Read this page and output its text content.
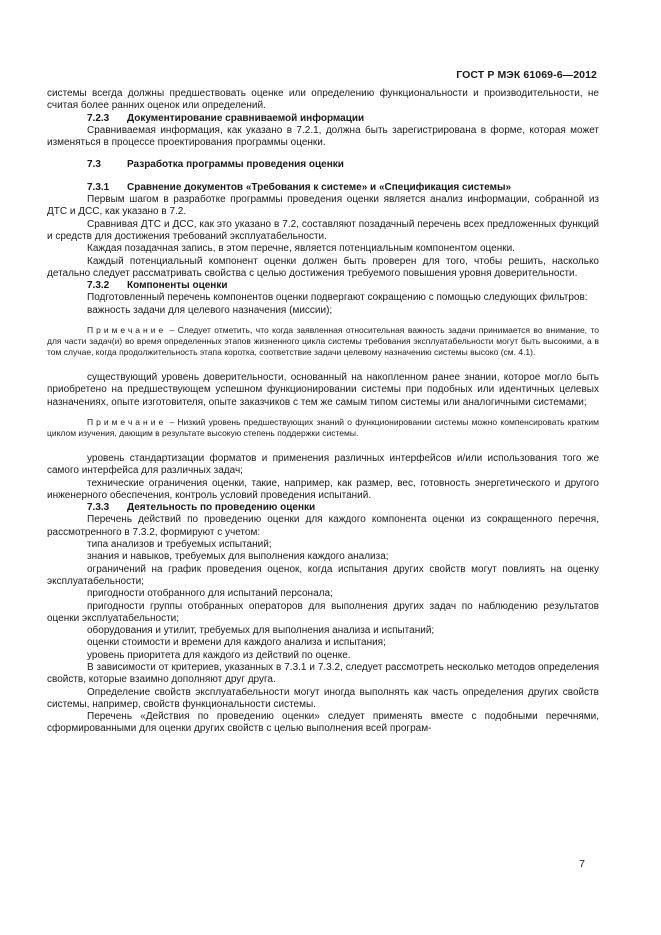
ГОСТ Р МЭК 61069-6—2012

системы всегда должны предшествовать оценке или определению функциональности и производительности, не считая более ранних оценок или определений.

7.2.3 Документирование сравниваемой информации

Сравниваемая информация, как указано в 7.2.1, должна быть зарегистрирована в форме, которая может изменяться в процессе проектирования программы оценки.

7.3	Разработка программы проведения оценки

7.3.1 Сравнение документов «Требования к системе» и «Спецификация системы»

Первым шагом в разработке программы проведения оценки является анализ информации, собранной из ДТС и ДСС, как указано в 7.2.

Сравнивая ДТС и ДСС, как это указано в 7.2, составляют позадачный перечень всех предложенных функций и средств для достижения требований эксплуатабельности.

Каждая позадачная запись, в этом перечне, является потенциальным компонентом оценки.

Каждый потенциальный компонент оценки должен быть проверен для того, чтобы решить, насколько детально следует рассматривать свойства с целью достижения требуемого повышения уровня доверительности.

7.3.2 Компоненты оценки

Подготовленный перечень компонентов оценки подвергают сокращению с помощью следующих фильтров:

важность задачи для целевого назначения (миссии);

Примечание – Следует отметить, что когда заявленная относительная важность задачи принимается во внимание, то для части задач(и) во время определенных этапов жизненного цикла системы требования эксплуатабельности могут быть высокими, а в том случае, когда продолжительность этапа коротка, соответствие задачи целевому назначению системы высоко (см. 4.1).

существующий уровень доверительности, основанный на накопленном ранее знании, которое могло быть приобретено на предшествующем успешном функционировании системы при подобных или идентичных целевых назначениях, опыте изготовителя, опыте заказчиков с тем же самым типом системы или аналогичными системами;

Примечание – Низкий уровень предшествующих знаний о функционировании системы можно компенсировать кратким циклом изучения, дающим в результате высокую степень поддержки системы.

уровень стандартизации форматов и применения различных интерфейсов и/или использования того же самого интерфейса для различных задач;

технические ограничения оценки, такие, например, как размер, вес, готовность энергетического и другого инженерного обеспечения, контроль условий проведения испытаний.

7.3.3 Деятельность по проведению оценки

Перечень действий по проведению оценки для каждого компонента оценки из сокращенного перечня, рассмотренного в 7.3.2, формируют с учетом:

типа анализов и требуемых испытаний;

знания и навыков, требуемых для выполнения каждого анализа;

ограничений на график проведения оценок, когда испытания других свойств могут повлиять на оценку эксплуатабельности;

пригодности отобранного для испытаний персонала;

пригодности группы отобранных операторов для выполнения других задач по наблюдению результатов оценки эксплуатабельности;

оборудования и утилит, требуемых для выполнения анализа и испытаний;

оценки стоимости и времени для каждого анализа и испытания;

уровень приоритета для каждого из действий по оценке.

В зависимости от критериев, указанных в 7.3.1 и 7.3.2, следует рассмотреть несколько методов определения свойств, которые взаимно дополняют друг друга.

Определение свойств эксплуатабельности могут иногда выполнять как часть определения других свойств системы, например, свойств функциональности системы.

Перечень «Действия по проведению оценки» следует применять вместе с подобными перечнями, сформированными для оценки других свойств с целью выполнения всей програм-

7
